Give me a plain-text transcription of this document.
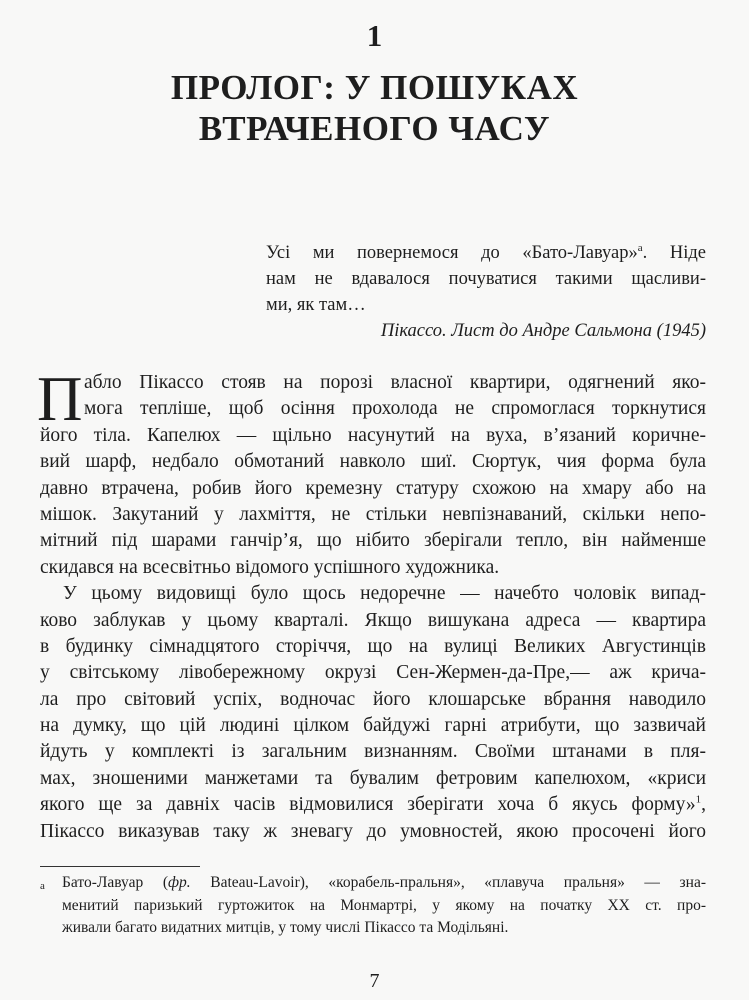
1
ПРОЛОГ: У ПОШУКАХ
ВТРАЧЕНОГО ЧАСУ
Усі ми повернемося до «Бато-Лавуар»$^а$. Ніде
нам не вдавалося почуватися такими щасливи-
ми, як там…
Пікассо. Лист до Андре Сальмона (1945)
П абло Пікассо стояв на порозі власної квартири, одягнений яко-
мога тепліше, щоб осіння прохолода не спромоглася торкнутися
його тіла. Капелюх — щільно насунутий на вуха, в’язаний коричне-
вий шарф, недбало обмотаний навколо шиї. Сюртук, чия форма була
давно втрачена, робив його кремезну статуру схожою на хмару або на
мішок. Закутаний у лахміття, не стільки невпізнаваний, скільки непо-
мітний під шарами ганчір’я, що нібито зберігали тепло, він найменше
скидався на всесвітньо відомого успішного художника.
У цьому видовищі було щось недоречне — начебто чоловік випад-
ково заблукав у цьому кварталі. Якщо вишукана адреса — квартира
в будинку сімнадцятого сторіччя, що на вулиці Великих Августинців
у світському лівобережному окрузі Сен-Жермен-да-Пре,— аж крича-
ла про світовий успіх, водночас його клошарське вбрання наводило
на думку, що цій людині цілком байдужі гарні атрибути, що зазвичай
йдуть у комплекті із загальним визнанням. Своїми штанами в пля-
мах, зношеними манжетами та бувалим фетровим капелюхом, «криси
якого ще за давніх часів відмовилися зберігати хоча б якусь форму»$^1$,
Пікассо виказував таку ж зневагу до умовностей, якою просочені його
а Бато-Лавуар (фр. Bateau-Lavoir), «корабель-пральня», «плавуча пральня» — зна-
менитий паризький гуртожиток на Монмартрі, у якому на початку XX ст. про-
живали багато видатних митців, у тому числі Пікассо та Модільяні.
7
